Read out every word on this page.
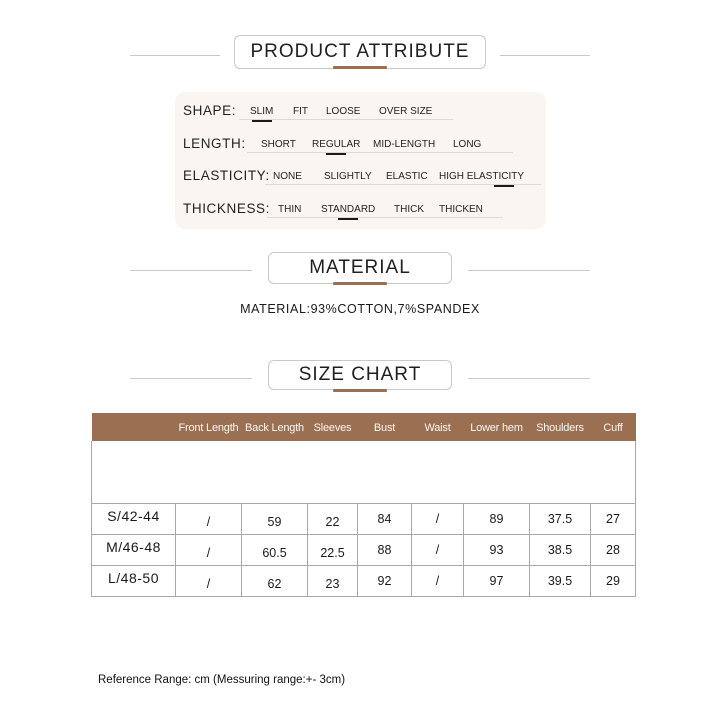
PRODUCT ATTRIBUTE
SHAPE: SLIM FIT LOOSE OVER SIZE
LENGTH: SHORT REGULAR MID-LENGTH LONG
ELASTICITY: NONE SLIGHTLY ELASTIC HIGH ELASTICITY
THICKNESS: THIN STANDARD THICK THICKEN
MATERIAL
MATERIAL:93%COTTON,7%SPANDEX
SIZE CHART
	Front Length	Back Length	Sleeves	Bust	Waist	Lower hem	Shoulders	Cuff

S/42-44	/	59	22	84	/	89	37.5	27
M/46-48	/	60.5	22.5	88	/	93	38.5	28
L/48-50	/	62	23	92	/	97	39.5	29
Reference Range: cm (Messuring range:+- 3cm)
